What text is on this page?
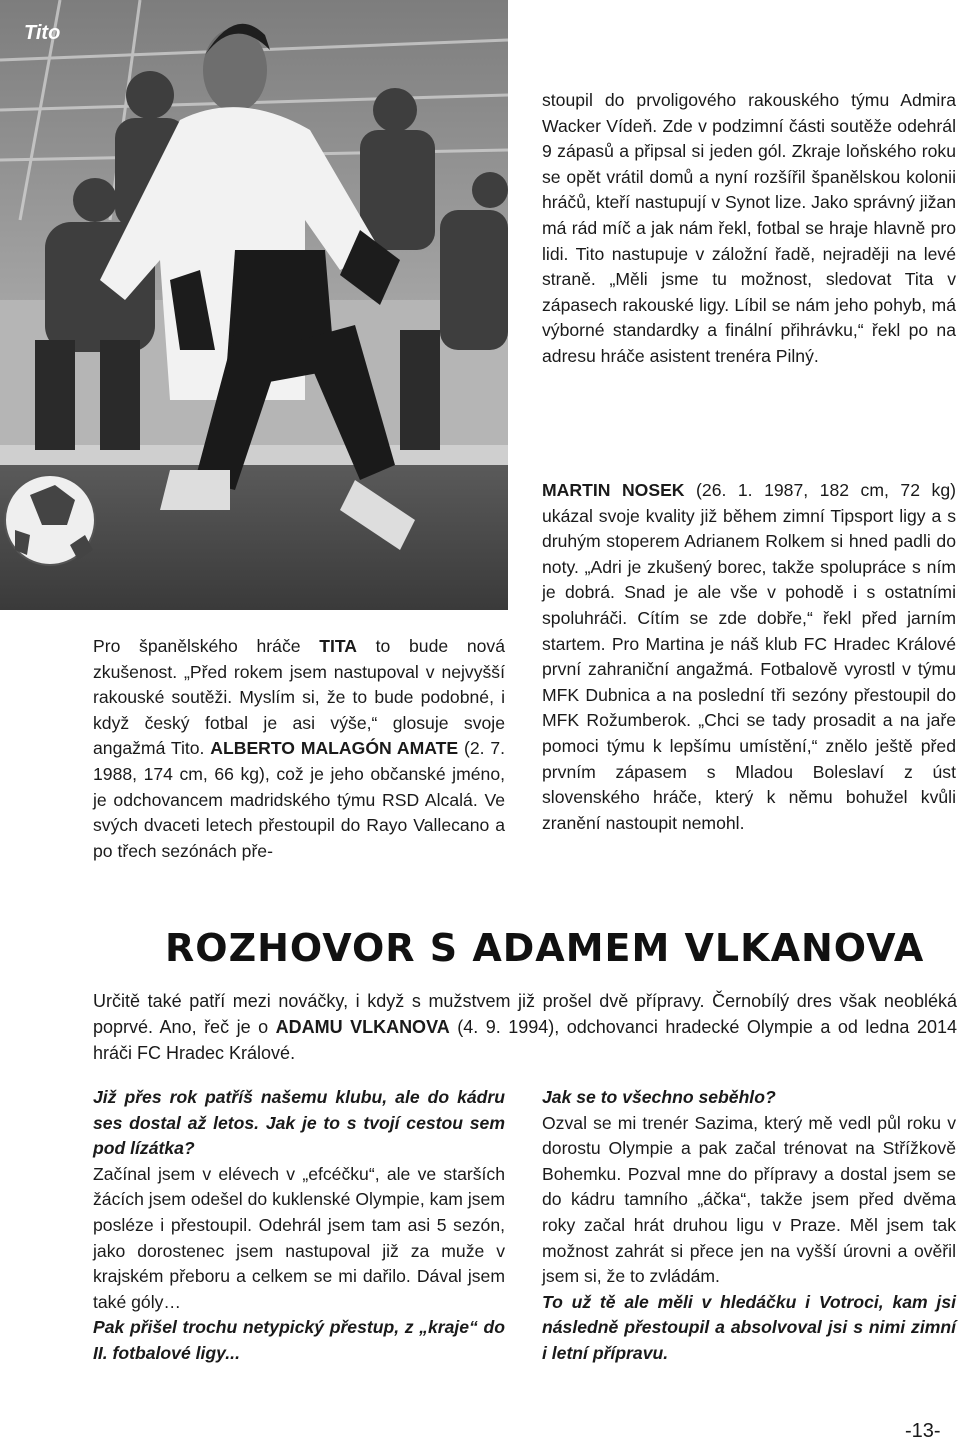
Tito

Pro španělského hráče TITA to bude nová zkušenost. „Před rokem jsem nastupoval v nejvyšší rakouské soutěži. Myslím si, že to bude podobné, i když český fotbal je asi výše,“ glosuje svoje angažmá Tito. ALBERTO MALAGÓN AMATE (2. 7. 1988, 174 cm, 66 kg), což je jeho občanské jméno, je odchovancem madridského týmu RSD Alcalá. Ve svých dvaceti letech přestoupil do Rayo Vallecano a po třech sezónách pře-

stoupil do prvoligového rakouského týmu Admira Wacker Vídeň. Zde v podzimní části soutěže odehrál 9 zápasů a připsal si jeden gól. Zkraje loňského roku se opět vrátil domů a nyní rozšířil španělskou kolonii hráčů, kteří nastupují v Synot lize. Jako správný jižan má rád míč a jak nám řekl, fotbal se hraje hlavně pro lidi. Tito nastupuje v záložní řadě, nejraději na levé straně. „Měli jsme tu možnost, sledovat Tita v zápasech rakouské ligy. Líbil se nám jeho pohyb, má výborné standardky a finální přihrávku,“ řekl po na adresu hráče asistent trenéra Pilný.

MARTIN NOSEK (26. 1. 1987, 182 cm, 72 kg) ukázal svoje kvality již během zimní Tipsport ligy a s druhým stoperem Adrianem Rolkem si hned padli do noty. „Adri je zkušený borec, takže spolupráce s ním je dobrá. Snad je ale vše v pohodě i s ostatními spoluhráči. Cítím se zde dobře,“ řekl před jarním startem. Pro Martina je náš klub FC Hradec Králové první zahraniční angažmá. Fotbalově vyrostl v týmu MFK Dubnica a na poslední tři sezóny přestoupil do MFK Rožumberok. „Chci se tady prosadit a na jaře pomoci týmu k lepšímu umístění,“ znělo ještě před prvním zápasem s Mladou Boleslaví z úst slovenského hráče, který k němu bohužel kvůli zranění nastoupit nemohl.

ROZHOVOR S ADAMEM VLKANOVA

Určitě také patří mezi nováčky, i když s mužstvem již prošel dvě přípravy. Černobílý dres však neobléká poprvé. Ano, řeč je o ADAMU VLKANOVA (4. 9. 1994), odchovanci hradecké Olympie a od ledna 2014 hráči FC Hradec Králové.

Již přes rok patříš našemu klubu, ale do kádru ses dostal až letos. Jak je to s tvojí cestou sem pod lízátka?

Začínal jsem v elévech v „efcéčku“, ale ve starších žácích jsem odešel do kuklenské Olympie, kam jsem posléze i přestoupil. Odehrál jsem tam asi 5 sezón, jako dorostenec jsem nastupoval již za muže v krajském přeboru a celkem se mi dařilo. Dával jsem také góly…

Pak přišel trochu netypický přestup, z „kraje“ do II. fotbalové ligy...

Jak se to všechno seběhlo?

Ozval se mi trenér Sazima, který mě vedl půl roku v dorostu Olympie a pak začal trénovat na Střížkově Bohemku. Pozval mne do přípravy a dostal jsem se do kádru tamního „áčka“, takže jsem před dvěma roky začal hrát druhou ligu v Praze. Měl jsem tak možnost zahrát si přece jen na vyšší úrovni a ověřil jsem si, že to zvládám.

To už tě ale měli v hledáčku i Votroci, kam jsi následně přestoupil a absolvoval jsi s nimi zimní i letní přípravu.

-13-
